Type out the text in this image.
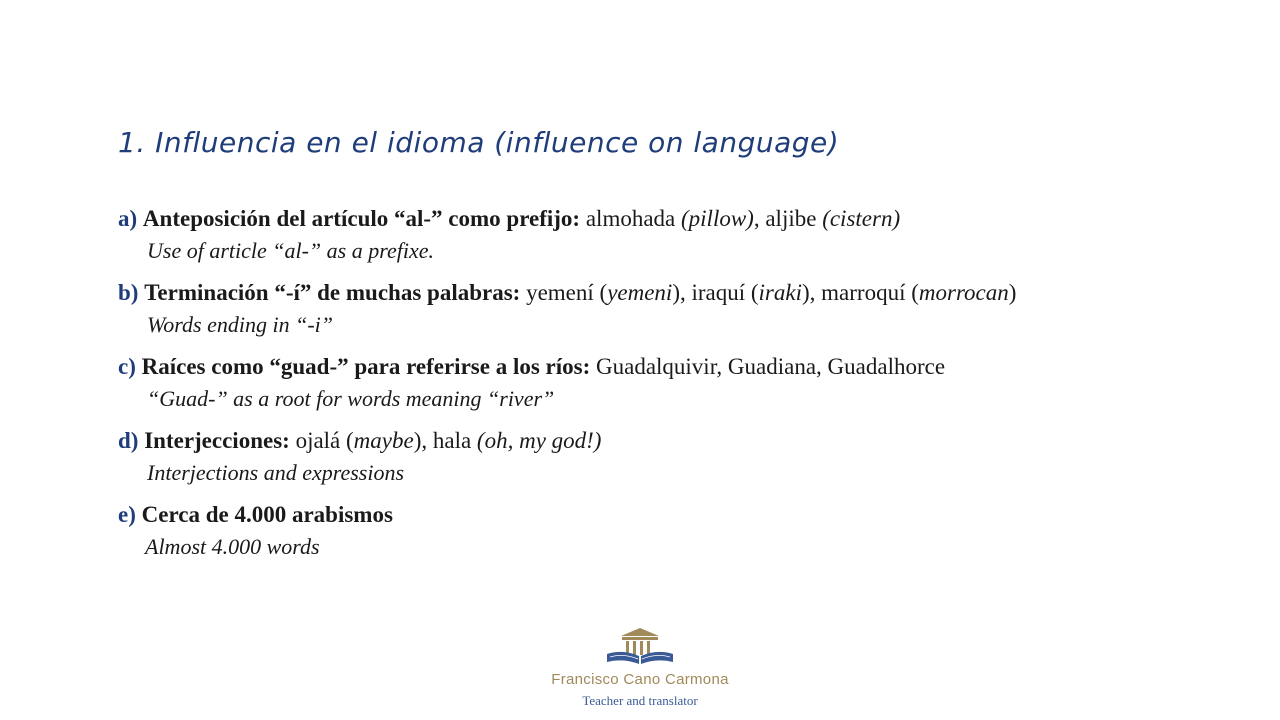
1. Influencia en el idioma (influence on language)
a) Anteposición del artículo “al-” como prefijo: almohada (pillow), aljibe (cistern)
Use of article “al-” as a prefixe.
b) Terminación “-í” de muchas palabras: yemení (yemeni), iraquí (iraki), marroquí (morrocan)
Words ending in “-i”
c) Raíces como “guad-” para referirse a los ríos: Guadalquivir, Guadiana, Guadalhorce
“Guad-” as a root for words meaning “river”
d) Interjecciones: ojalá (maybe), hala (oh, my god!)
Interjections and expressions
e) Cerca de 4.000 arabismos
Almost 4.000 words
Francisco Cano Carmona
Teacher and translator
